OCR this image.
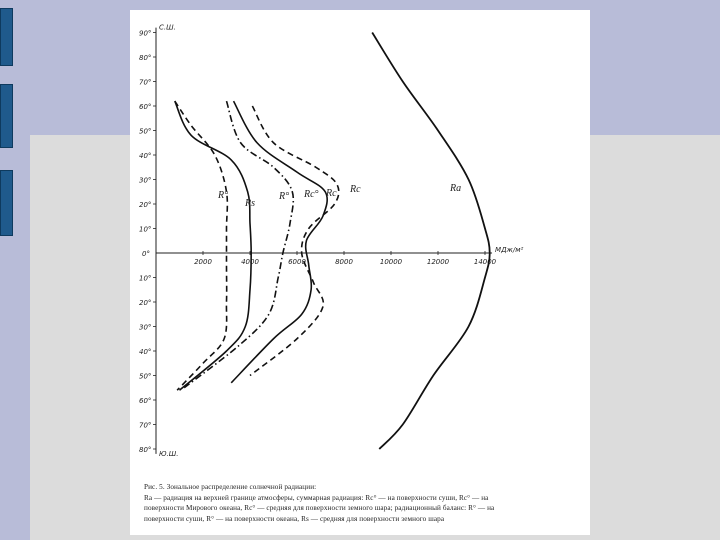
С.Ш.
Ю.Ш.
МДж/м²
0°
90°
80°
70°
60°
50°
40°
30°
20°
10°
10°
20°
30°
40°
50°
60°
70°
80°
2000	4000	6000	8000	10000	12000	14000
R°
Rs
R° Rc° Rc Rc	Ra
Рис. 5. Зональное распределение солнечной радиации:
Rа — радиация на верхней границе атмосферы, суммарная радиация: Rс° — на поверхности суши, Rс° — на
поверхности Мирового океана, Rс° — средняя для поверхности земного шара; радиационный баланс: R° — на
поверхности суши, R° — на поверхности океана, Rs — средняя для поверхности земного шара
